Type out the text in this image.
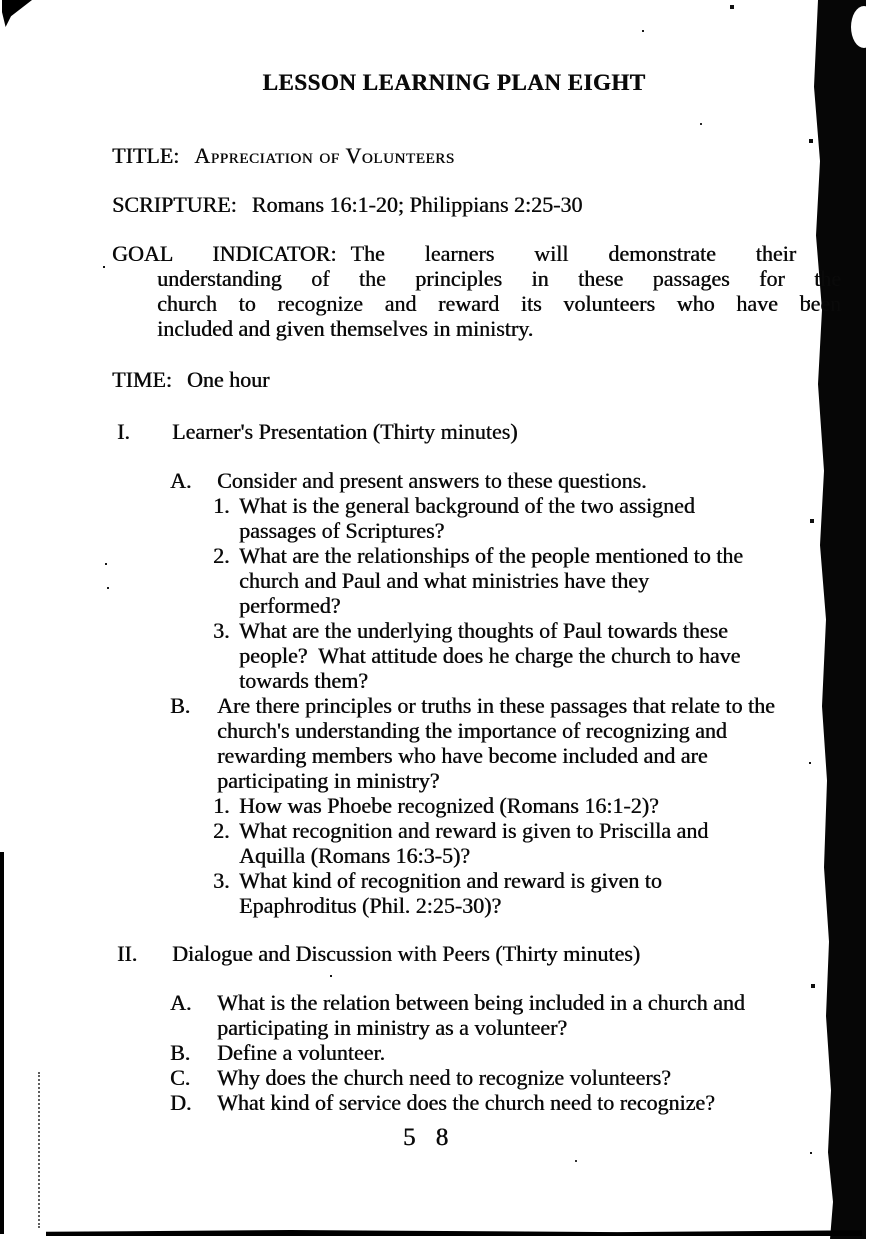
LESSON LEARNING PLAN EIGHT
TITLE: Appreciation of Volunteers
SCRIPTURE: Romans 16:1-20; Philippians 2:25-30
GOAL INDICATOR: The learners will demonstrate their
understanding of the principles in these passages for the
church to recognize and reward its volunteers who have been
included and given themselves in ministry.
TIME: One hour
I.	Learner's Presentation (Thirty minutes)
A.	Consider and present answers to these questions.
1. What is the general background of the two assigned passages of Scriptures?
2. What are the relationships of the people mentioned to the church and Paul and what ministries have they performed?
3. What are the underlying thoughts of Paul towards these people?  What attitude does he charge the church to have towards them?
B.	Are there principles or truths in these passages that relate to the church's understanding the importance of recognizing and rewarding members who have become included and are participating in ministry?
1. How was Phoebe recognized (Romans 16:1-2)?
2. What recognition and reward is given to Priscilla and Aquilla (Romans 16:3-5)?
3. What kind of recognition and reward is given to Epaphroditus (Phil. 2:25-30)?
II.	Dialogue and Discussion with Peers (Thirty minutes)
A.	What is the relation between being included in a church and participating in ministry as a volunteer?
B.	Define a volunteer.
C.	Why does the church need to recognize volunteers?
D.	What kind of service does the church need to recognize?
5 8
